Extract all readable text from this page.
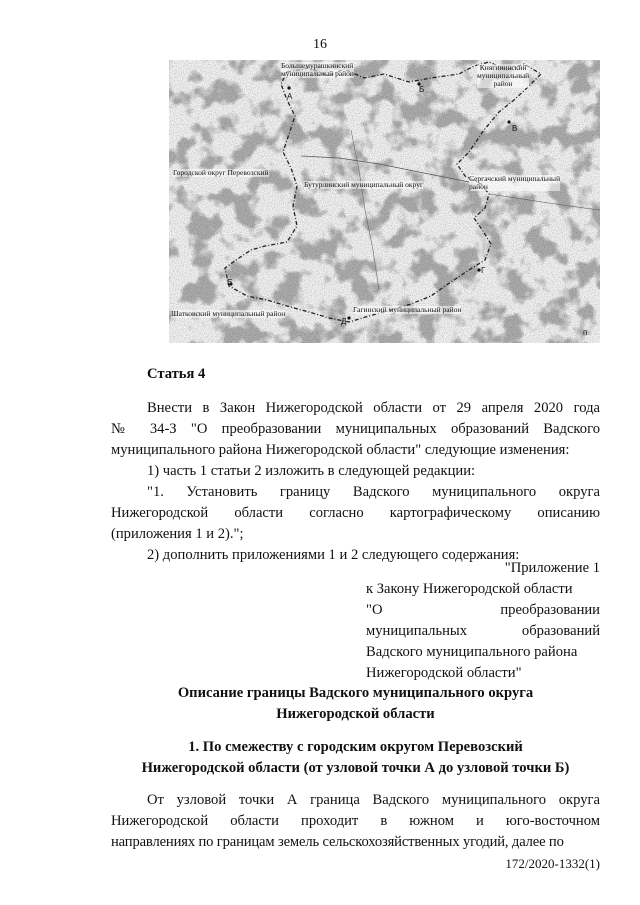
16
Большемурашкинский
муниципальный район
Княгининский
муниципальный
район
Городской округ Перевозский
Бутурлинский муниципальный округ
Сергачский муниципальный
район
Шатковский муниципальный район	Гагинский муниципальный район
А
Б
В
Г
Д
Е
п
Статья 4
Внести в Закон Нижегородской области от 29 апреля 2020 года
№ 34-З "О преобразовании муниципальных образований Вадского
муниципального района Нижегородской области" следующие изменения:
1) часть 1 статьи 2 изложить в следующей редакции:
"1. Установить границу Вадского муниципального округа
Нижегородской области согласно картографическому описанию
(приложения 1 и 2).";
2) дополнить приложениями 1 и 2 следующего содержания:
"Приложение 1
к Закону Нижегородской области
"О преобразовании
муниципальных образований
Вадского муниципального района
Нижегородской области"
Описание границы Вадского муниципального округа
Нижегородской области
1. По смежеству с городским округом Перевозский
Нижегородской области (от узловой точки А до узловой точки Б)
От узловой точки А граница Вадского муниципального округа
Нижегородской области проходит в южном и юго-восточном
направлениях по границам земель сельскохозяйственных угодий, далее по
172/2020-1332(1)
